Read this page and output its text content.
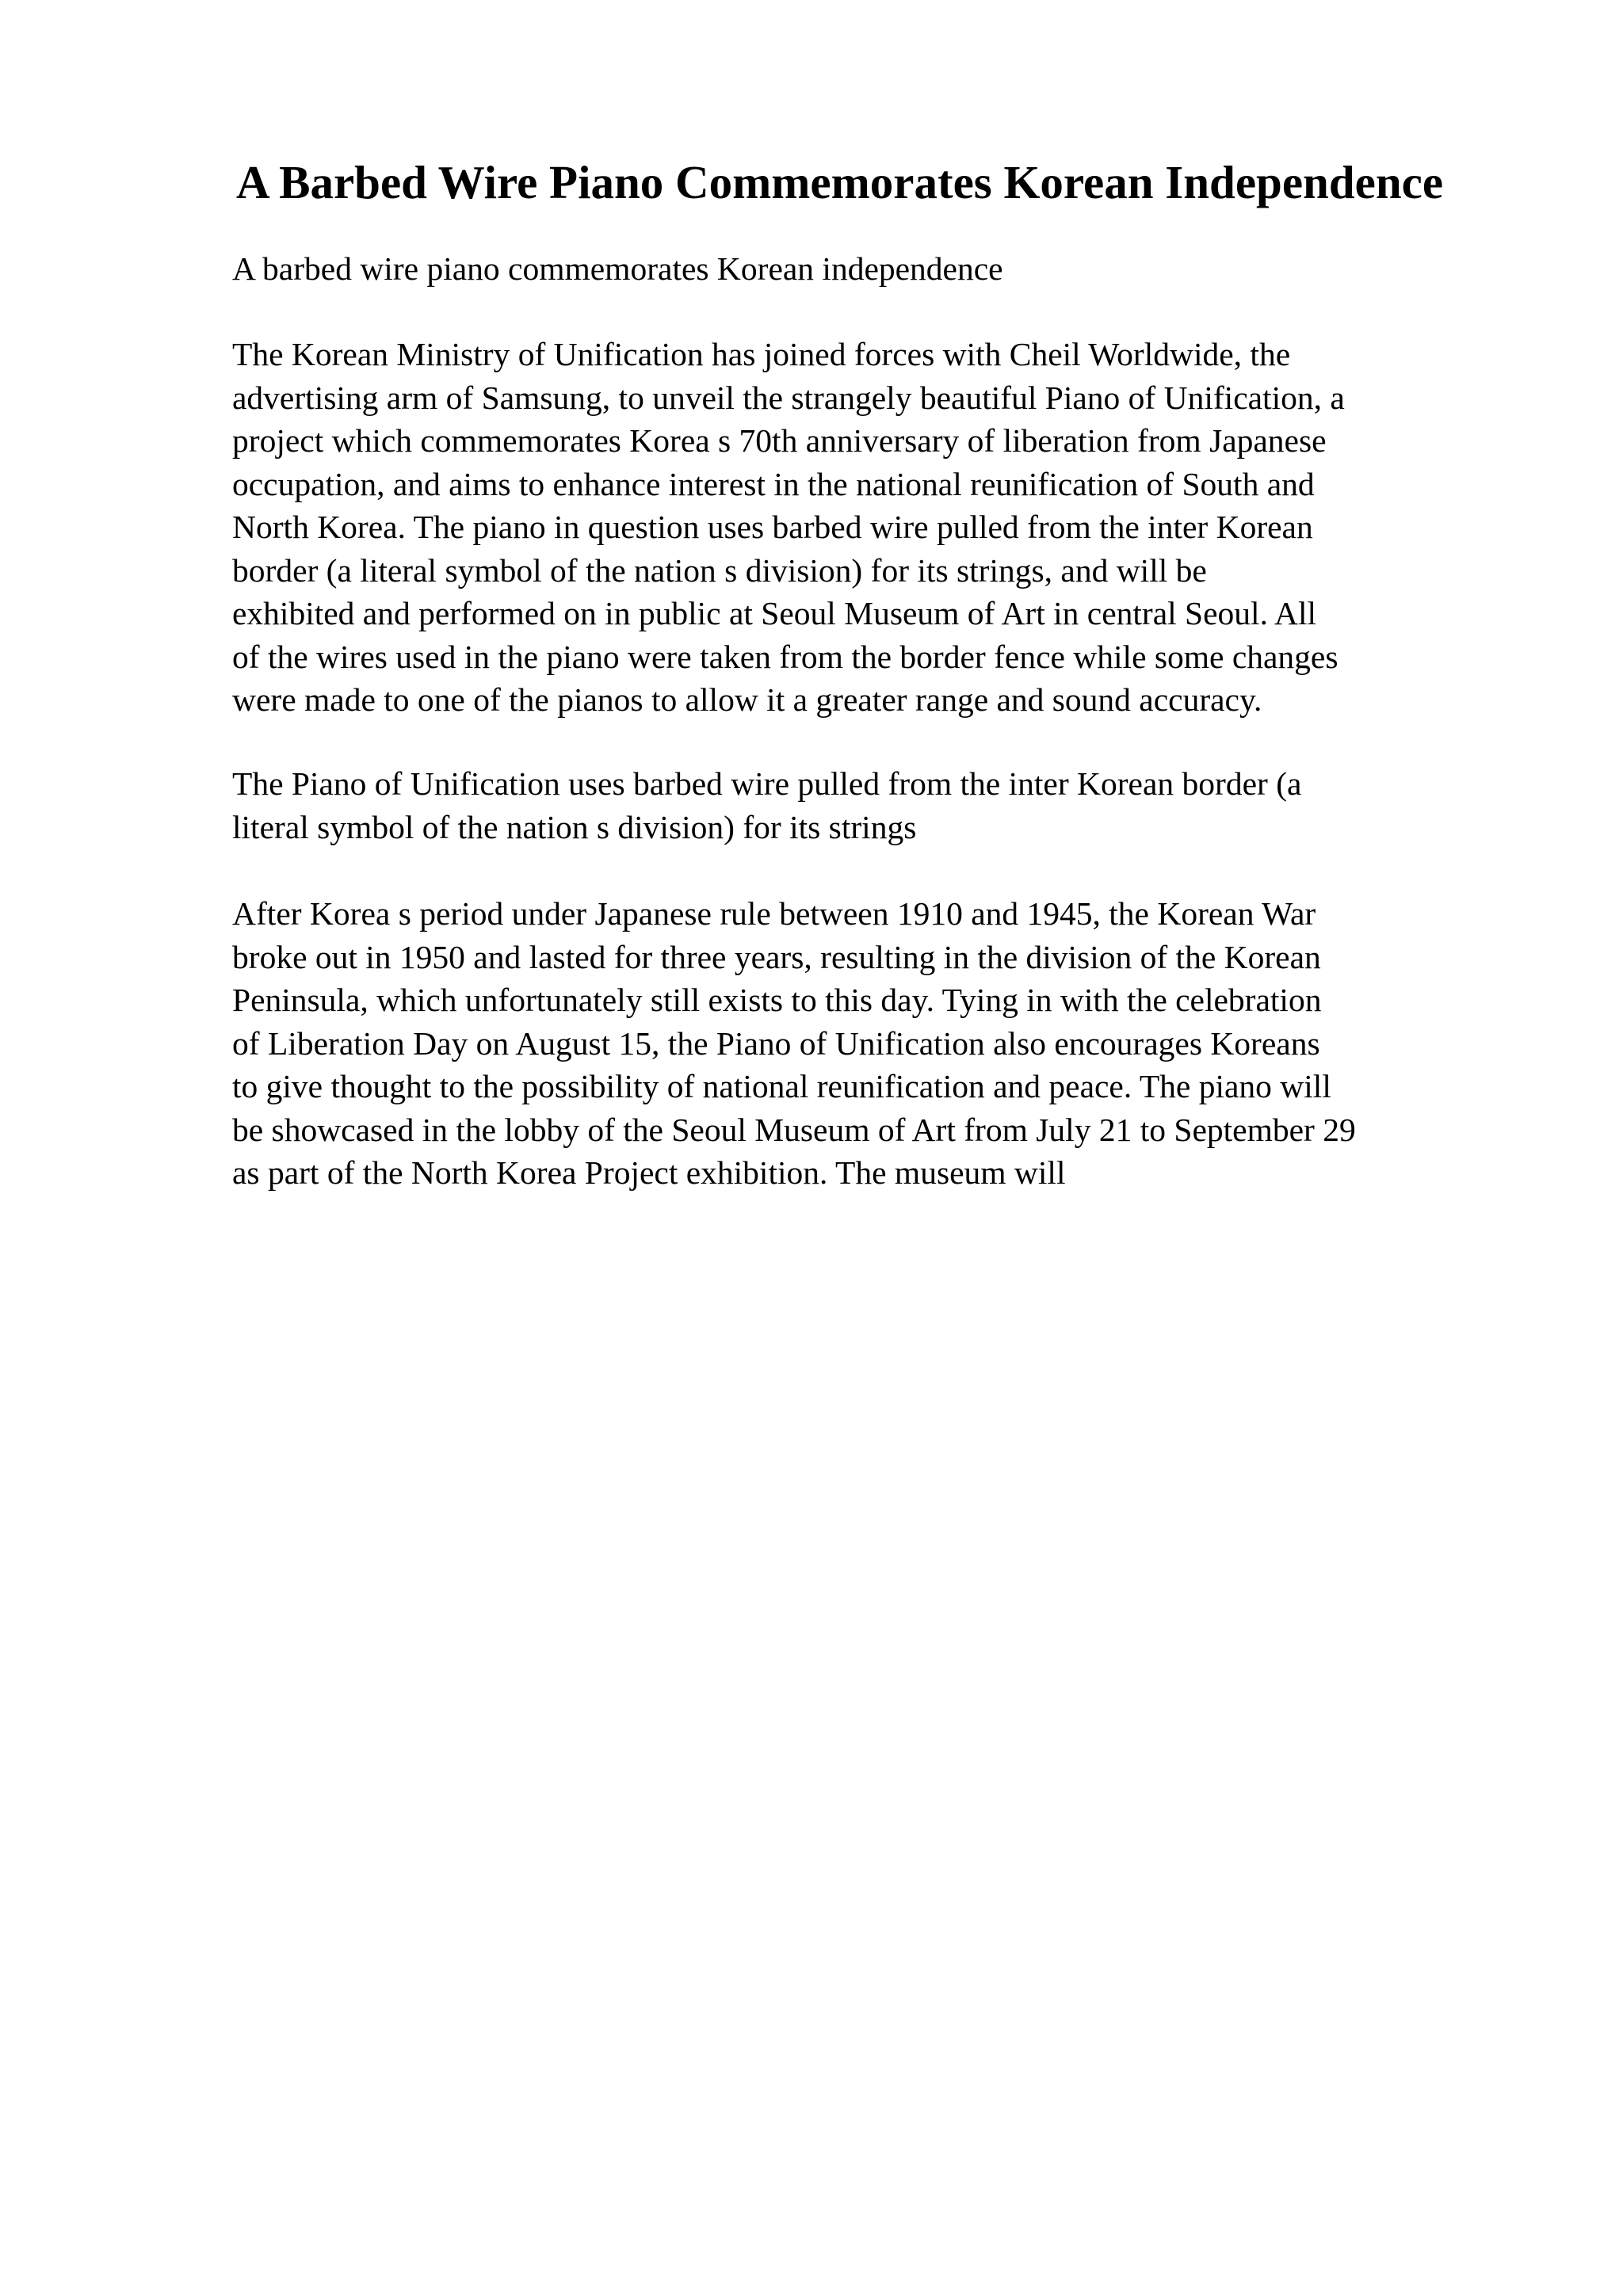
A Barbed Wire Piano Commemorates Korean Independence

A barbed wire piano commemorates Korean independence

The Korean Ministry of Unification has joined forces with Cheil Worldwide, the
advertising arm of Samsung, to unveil the strangely beautiful Piano of Unification, a
project which commemorates Korea s 70th anniversary of liberation from Japanese
occupation, and aims to enhance interest in the national reunification of South and
North Korea. The piano in question uses barbed wire pulled from the inter Korean
border (a literal symbol of the nation s division) for its strings, and will be
exhibited and performed on in public at Seoul Museum of Art in central Seoul. All
of the wires used in the piano were taken from the border fence while some changes
were made to one of the pianos to allow it a greater range and sound accuracy.

The Piano of Unification uses barbed wire pulled from the inter Korean border (a
literal symbol of the nation s division) for its strings

After Korea s period under Japanese rule between 1910 and 1945, the Korean War
broke out in 1950 and lasted for three years, resulting in the division of the Korean
Peninsula, which unfortunately still exists to this day. Tying in with the celebration
of Liberation Day on August 15, the Piano of Unification also encourages Koreans
to give thought to the possibility of national reunification and peace. The piano will
be showcased in the lobby of the Seoul Museum of Art from July 21 to September 29
as part of the North Korea Project exhibition. The museum will
